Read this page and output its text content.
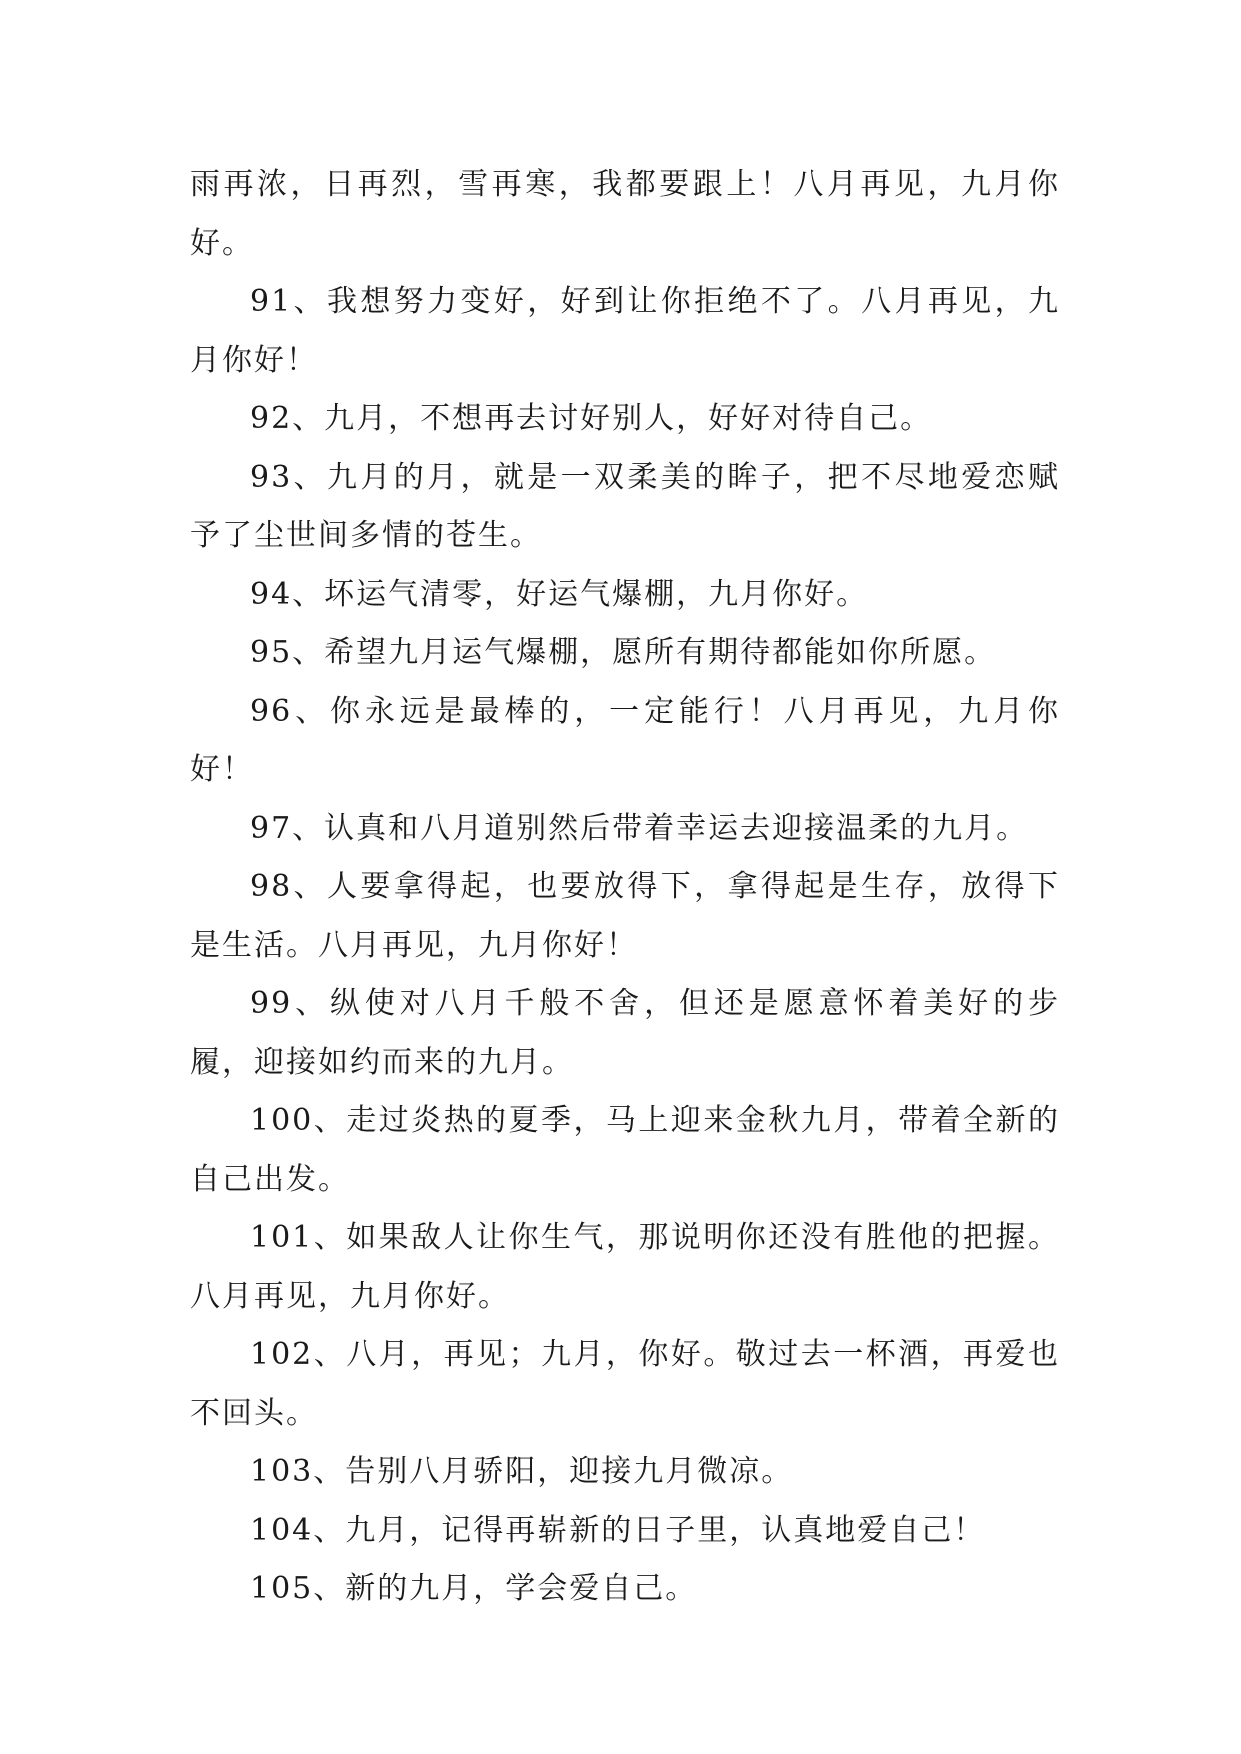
雨再浓，日再烈，雪再寒，我都要跟上！八月再见，九月你好。

91、我想努力变好，好到让你拒绝不了。八月再见，九月你好！

92、九月，不想再去讨好别人，好好对待自己。

93、九月的月，就是一双柔美的眸子，把不尽地爱恋赋予了尘世间多情的苍生。

94、坏运气清零，好运气爆棚，九月你好。

95、希望九月运气爆棚，愿所有期待都能如你所愿。

96、你永远是最棒的，一定能行！八月再见，九月你好！

97、认真和八月道别然后带着幸运去迎接温柔的九月。

98、人要拿得起，也要放得下，拿得起是生存，放得下是生活。八月再见，九月你好！

99、纵使对八月千般不舍，但还是愿意怀着美好的步履，迎接如约而来的九月。

100、走过炎热的夏季，马上迎来金秋九月，带着全新的自己出发。

101、如果敌人让你生气，那说明你还没有胜他的把握。八月再见，九月你好。

102、八月，再见；九月，你好。敬过去一杯酒，再爱也不回头。

103、告别八月骄阳，迎接九月微凉。

104、九月，记得再崭新的日子里，认真地爱自己！

105、新的九月，学会爱自己。
